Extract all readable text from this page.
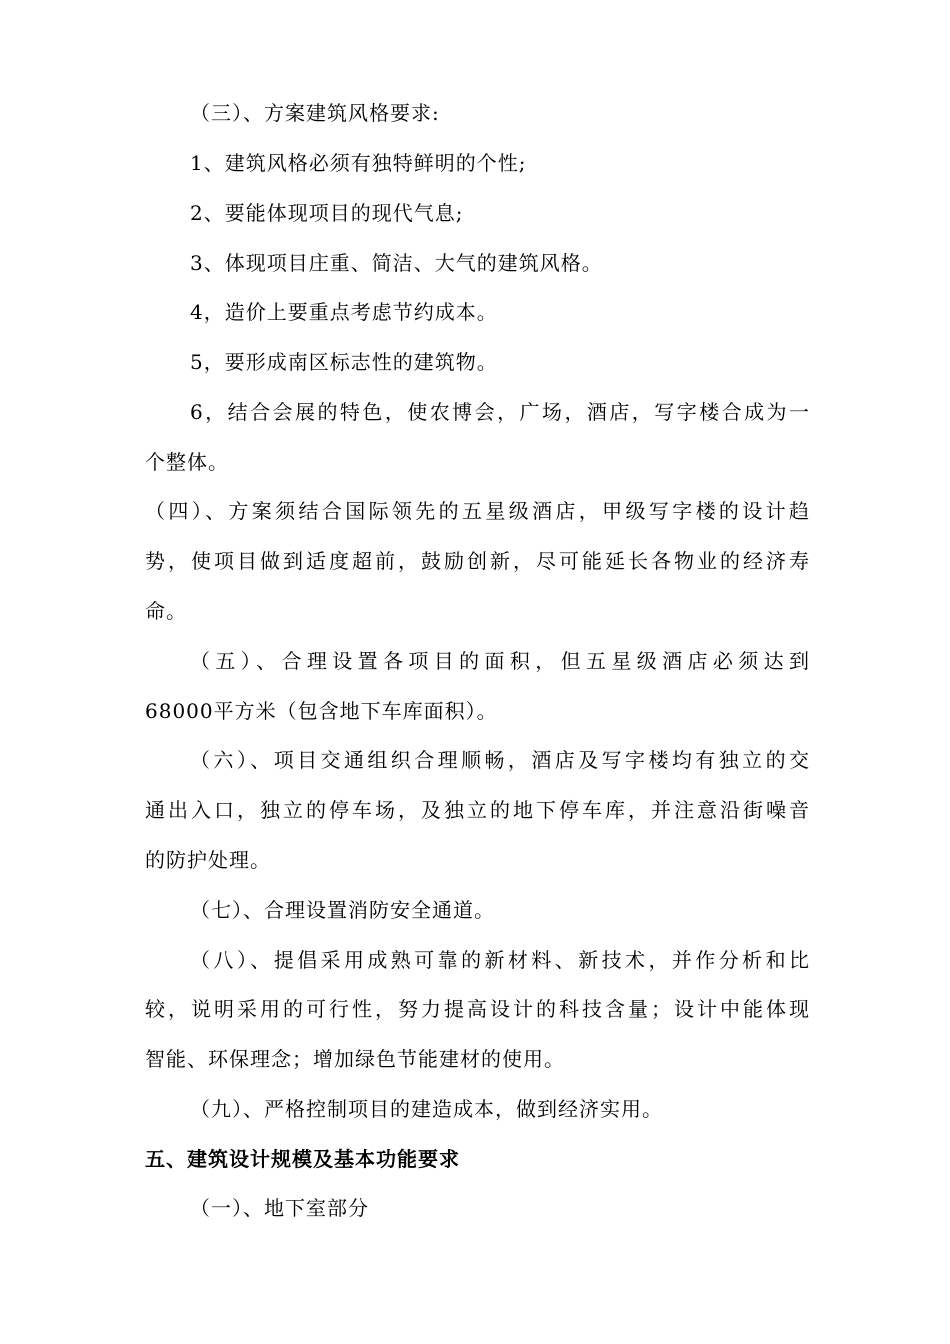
（三）、方案建筑风格要求:
1、建筑风格必须有独特鲜明的个性;
2、要能体现项目的现代气息;
3、体现项目庄重、简洁、大气的建筑风格。
4，造价上要重点考虑节约成本。
5，要形成南区标志性的建筑物。
6，结合会展的特色，使农博会，广场，酒店，写字楼合成为一
个整体。
（四）、方案须结合国际领先的五星级酒店，甲级写字楼的设计趋
势，使项目做到适度超前，鼓励创新，尽可能延长各物业的经济寿
命。
（五）、合理设置各项目的面积，但五星级酒店必须达到
68000平方米（包含地下车库面积）。
（六）、项目交通组织合理顺畅，酒店及写字楼均有独立的交
通出入口，独立的停车场，及独立的地下停车库，并注意沿街噪音
的防护处理。
（七）、合理设置消防安全通道。
（八）、提倡采用成熟可靠的新材料、新技术，并作分析和比
较，说明采用的可行性，努力提高设计的科技含量；设计中能体现
智能、环保理念；增加绿色节能建材的使用。
（九）、严格控制项目的建造成本，做到经济实用。
五、建筑设计规模及基本功能要求
（一）、地下室部分
